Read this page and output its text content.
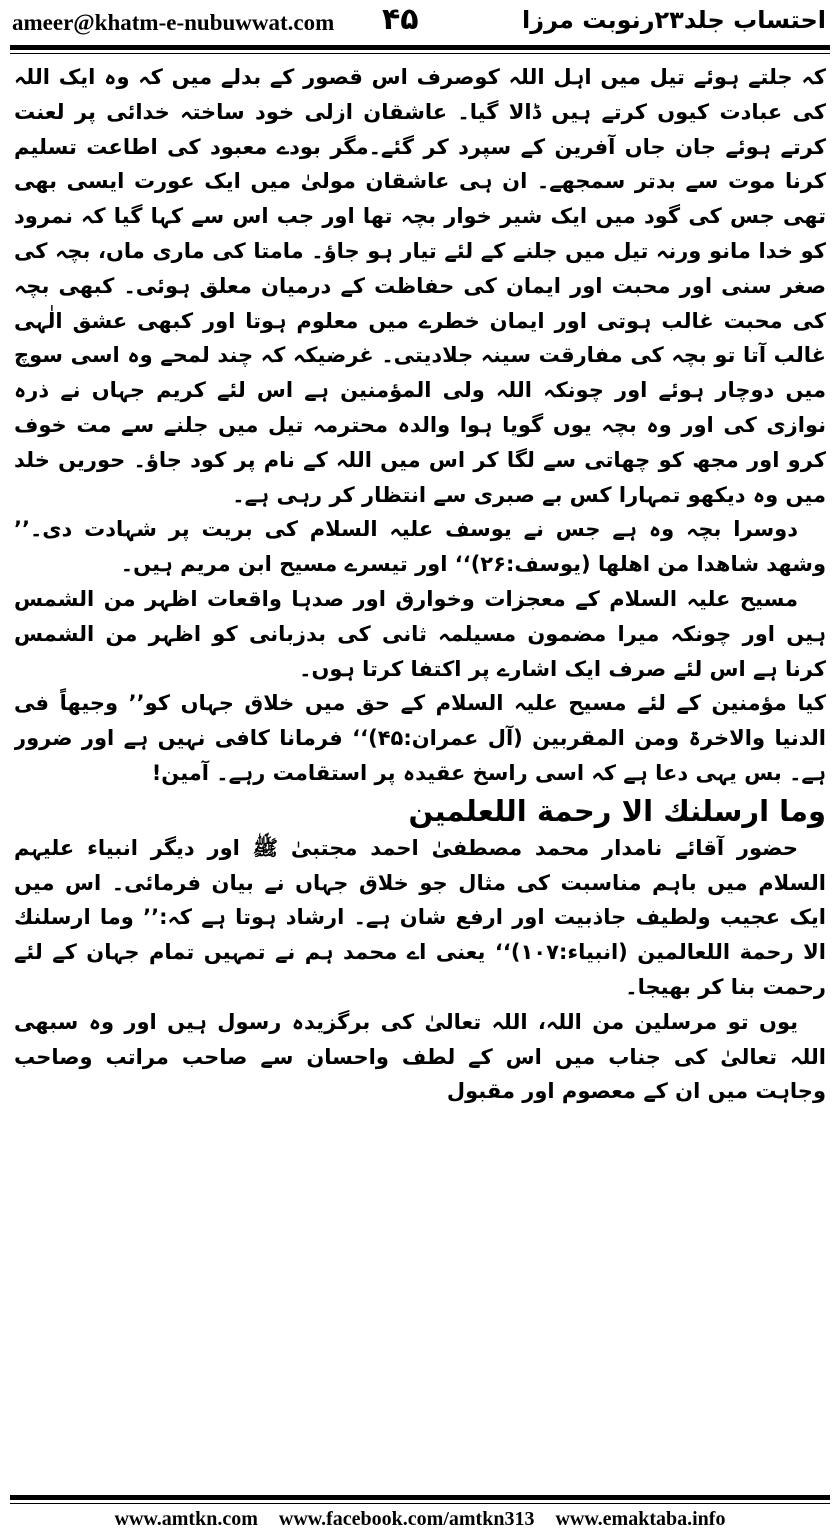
ameer@khatm-e-nubuwwat.com ۴۵	احتساب جلد۲۳رنوبت مرزا

کہ جلتے ہوئے تیل میں اہل اللہ کوصرف اس قصور کے بدلے میں کہ وہ ایک اللہ کی عبادت کیوں کرتے ہیں ڈالا گیا۔ عاشقان ازلی خود ساختہ خدائی پر لعنت کرتے ہوئے جان جاں آفرین کے سپرد کر گئے۔مگر بودے معبود کی اطاعت تسلیم کرنا موت سے بدتر سمجھے۔ ان ہی عاشقان مولیٰ میں ایک عورت ایسی بھی تھی جس کی گود میں ایک شیر خوار بچہ تھا اور جب اس سے کہا گیا کہ نمرود کو خدا مانو ورنہ تیل میں جلنے کے لئے تیار ہو جاؤ۔ مامتا کی ماری ماں، بچہ کی صغر سنی اور محبت اور ایمان کی حفاظت کے درمیان معلق ہوئی۔ کبھی بچہ کی محبت غالب ہوتی اور ایمان خطرے میں معلوم ہوتا اور کبھی عشق الٰہی غالب آتا تو بچہ کی مفارقت سینہ جلادیتی۔ غرضیکہ کہ چند لمحے وہ اسی سوچ میں دوچار ہوئے اور چونکہ اللہ ولی المؤمنین ہے اس لئے کریم جہاں نے ذرہ نوازی کی اور وہ بچہ یوں گویا ہوا والدہ محترمہ تیل میں جلنے سے مت خوف کرو اور مجھ کو چھاتی سے لگا کر اس میں اللہ کے نام پر کود جاؤ۔ حوریں خلد میں وہ دیکھو تمہارا کس بے صبری سے انتظار کر رہی ہے۔

دوسرا بچہ وہ ہے جس نے یوسف علیہ السلام کی بریت پر شہادت دی۔’’ وشھد شاھدا من اھلھا (یوسف:۲۶)‘‘ اور تیسرے مسیح ابن مریم ہیں۔

مسیح علیہ السلام کے معجزات وخوارق اور صدہا واقعات اظہر من الشمس ہیں اور چونکہ میرا مضمون مسیلمہ ثانی کی بدزبانی کو اظہر من الشمس کرنا ہے اس لئے صرف ایک اشارے پر اکتفا کرتا ہوں۔

کیا مؤمنین کے لئے مسیح علیہ السلام کے حق میں خلاق جہاں کو’’ وجیھاً فی الدنیا والاخرۃ ومن المقربین (آل عمران:۴۵)‘‘ فرمانا کافی نہیں ہے اور ضرور ہے۔ بس یہی دعا ہے کہ اسی راسخ عقیدہ پر استقامت رہے۔ آمین!

وما ارسلنك الا رحمة اللعلمين

حضور آقائے نامدار محمد مصطفیٰ احمد مجتبیٰ ﷺ اور دیگر انبیاء علیہم السلام میں باہم مناسبت کی مثال جو خلاق جہاں نے بیان فرمائی۔ اس میں ایک عجیب ولطیف جاذبیت اور ارفع شان ہے۔ ارشاد ہوتا ہے کہ:’’ وما ارسلنك الا رحمة اللعالمين (انبیاء:۱۰۷)‘‘ یعنی اے محمد ہم نے تمہیں تمام جہان کے لئے رحمت بنا کر بھیجا۔

یوں تو مرسلین من اللہ، اللہ تعالیٰ کی برگزیدہ رسول ہیں اور وہ سبھی اللہ تعالیٰ کی جناب میں اس کے لطف واحسان سے صاحب مراتب وصاحب وجاہت میں ان کے معصوم اور مقبول

www.amtkn.com www.facebook.com/amtkn313 www.emaktaba.info
